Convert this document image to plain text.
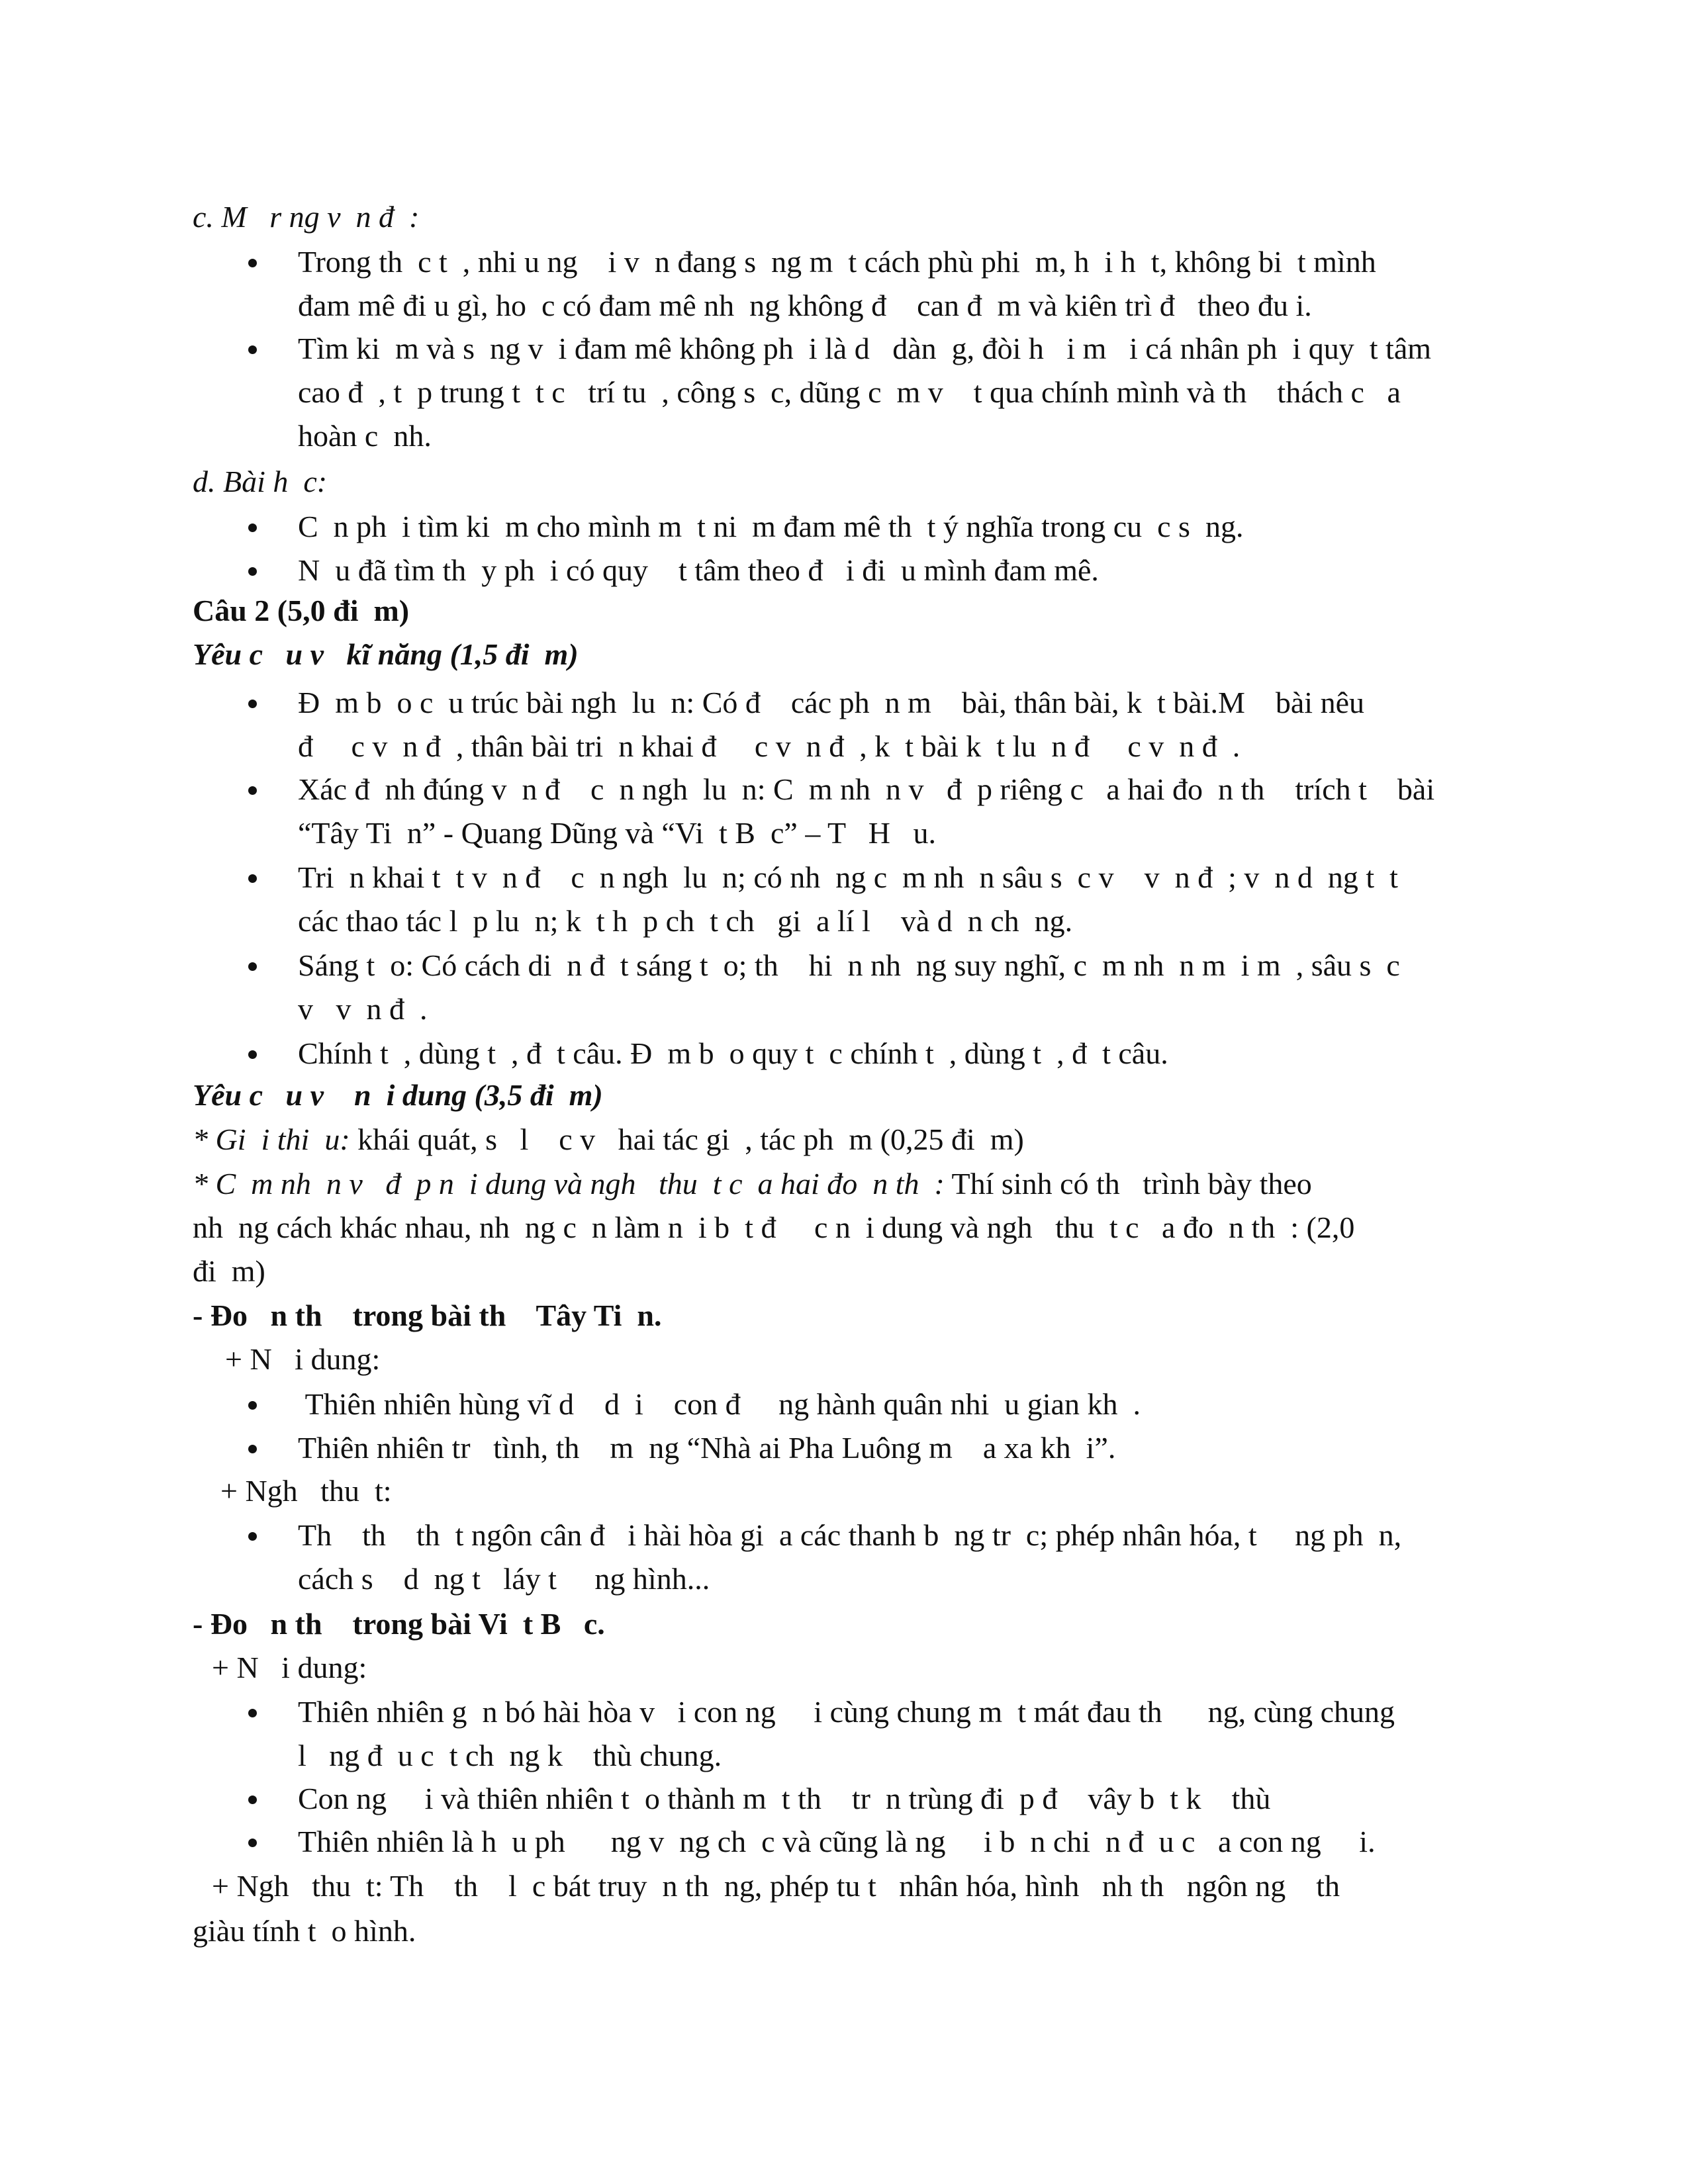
c. M   r ng v  n đ  :
Trong th  c t  , nhi u ng    i v  n đang s  ng m  t cách phù phi  m, h  i h  t, không bi  t mình
đam mê đi u gì, ho  c có đam mê nh  ng không đ    can đ  m và kiên trì đ   theo đu i.
Tìm ki  m và s  ng v  i đam mê không ph  i là d   dàn  g, đòi h   i m   i cá nhân ph  i quy  t tâm
cao đ  , t  p trung t  t c   trí tu  , công s  c, dũng c  m v    t qua chính mình và th    thách c   a
hoàn c  nh.
d. Bài h  c:
C  n ph  i tìm ki  m cho mình m  t ni  m đam mê th  t ý nghĩa trong cu  c s  ng.
N  u đã tìm th  y ph  i có quy    t tâm theo đ   i đi  u mình đam mê.
Câu 2 (5,0 đi  m)
Yêu c   u v   kĩ năng (1,5 đi  m)
Đ  m b  o c  u trúc bài ngh  lu  n: Có đ    các ph  n m    bài, thân bài, k  t bài.M    bài nêu
đ     c v  n đ  , thân bài tri  n khai đ     c v  n đ  , k  t bài k  t lu  n đ     c v  n đ  .
Xác đ  nh đúng v  n đ    c  n ngh  lu  n: C  m nh  n v   đ  p riêng c   a hai đo  n th    trích t    bài
“Tây Ti  n” - Quang Dũng và “Vi  t B  c” – T   H   u.
Tri  n khai t  t v  n đ    c  n ngh  lu  n; có nh  ng c  m nh  n sâu s  c v    v  n đ  ; v  n d  ng t  t
các thao tác l  p lu  n; k  t h  p ch  t ch   gi  a lí l    và d  n ch  ng.
Sáng t  o: Có cách di  n đ  t sáng t  o; th    hi  n nh  ng suy nghĩ, c  m nh  n m  i m  , sâu s  c
v   v  n đ  .
Chính t  , dùng t  , đ  t câu. Đ  m b  o quy t  c chính t  , dùng t  , đ  t câu.
Yêu c   u v    n  i dung (3,5 đi  m)
* Gi  i thi  u: khái quát, s   l    c v   hai tác gi  , tác ph  m (0,25 đi  m)
* C  m nh  n v   đ  p n  i dung và ngh   thu  t c  a hai đo  n th  : Thí sinh có th   trình bày theo
nh  ng cách khác nhau, nh  ng c  n làm n  i b  t đ     c n  i dung và ngh   thu  t c   a đo  n th  : (2,0
đi  m)
- Đo   n th    trong bài th    Tây Ti  n.
+ N   i dung:
Thiên nhiên hùng vĩ d    d  i    con đ     ng hành quân nhi  u gian kh  .
Thiên nhiên tr   tình, th    m  ng “Nhà ai Pha Luông m    a xa kh  i”.
+ Ngh   thu  t:
Th    th    th  t ngôn cân đ   i hài hòa gi  a các thanh b  ng tr  c; phép nhân hóa, t     ng ph  n,
cách s    d  ng t   láy t     ng hình...
- Đo   n th    trong bài Vi  t B   c.
+ N   i dung:
Thiên nhiên g  n bó hài hòa v   i con ng     i cùng chung m  t mát đau th      ng, cùng chung
l   ng đ  u c  t ch  ng k    thù chung.
Con ng     i và thiên nhiên t  o thành m  t th    tr  n trùng đi  p đ    vây b  t k    thù
Thiên nhiên là h  u ph      ng v  ng ch  c và cũng là ng     i b  n chi  n đ  u c   a con ng     i.
+ Ngh   thu  t: Th    th    l  c bát truy  n th  ng, phép tu t   nhân hóa, hình   nh th   ngôn ng    th
giàu tính t  o hình.
